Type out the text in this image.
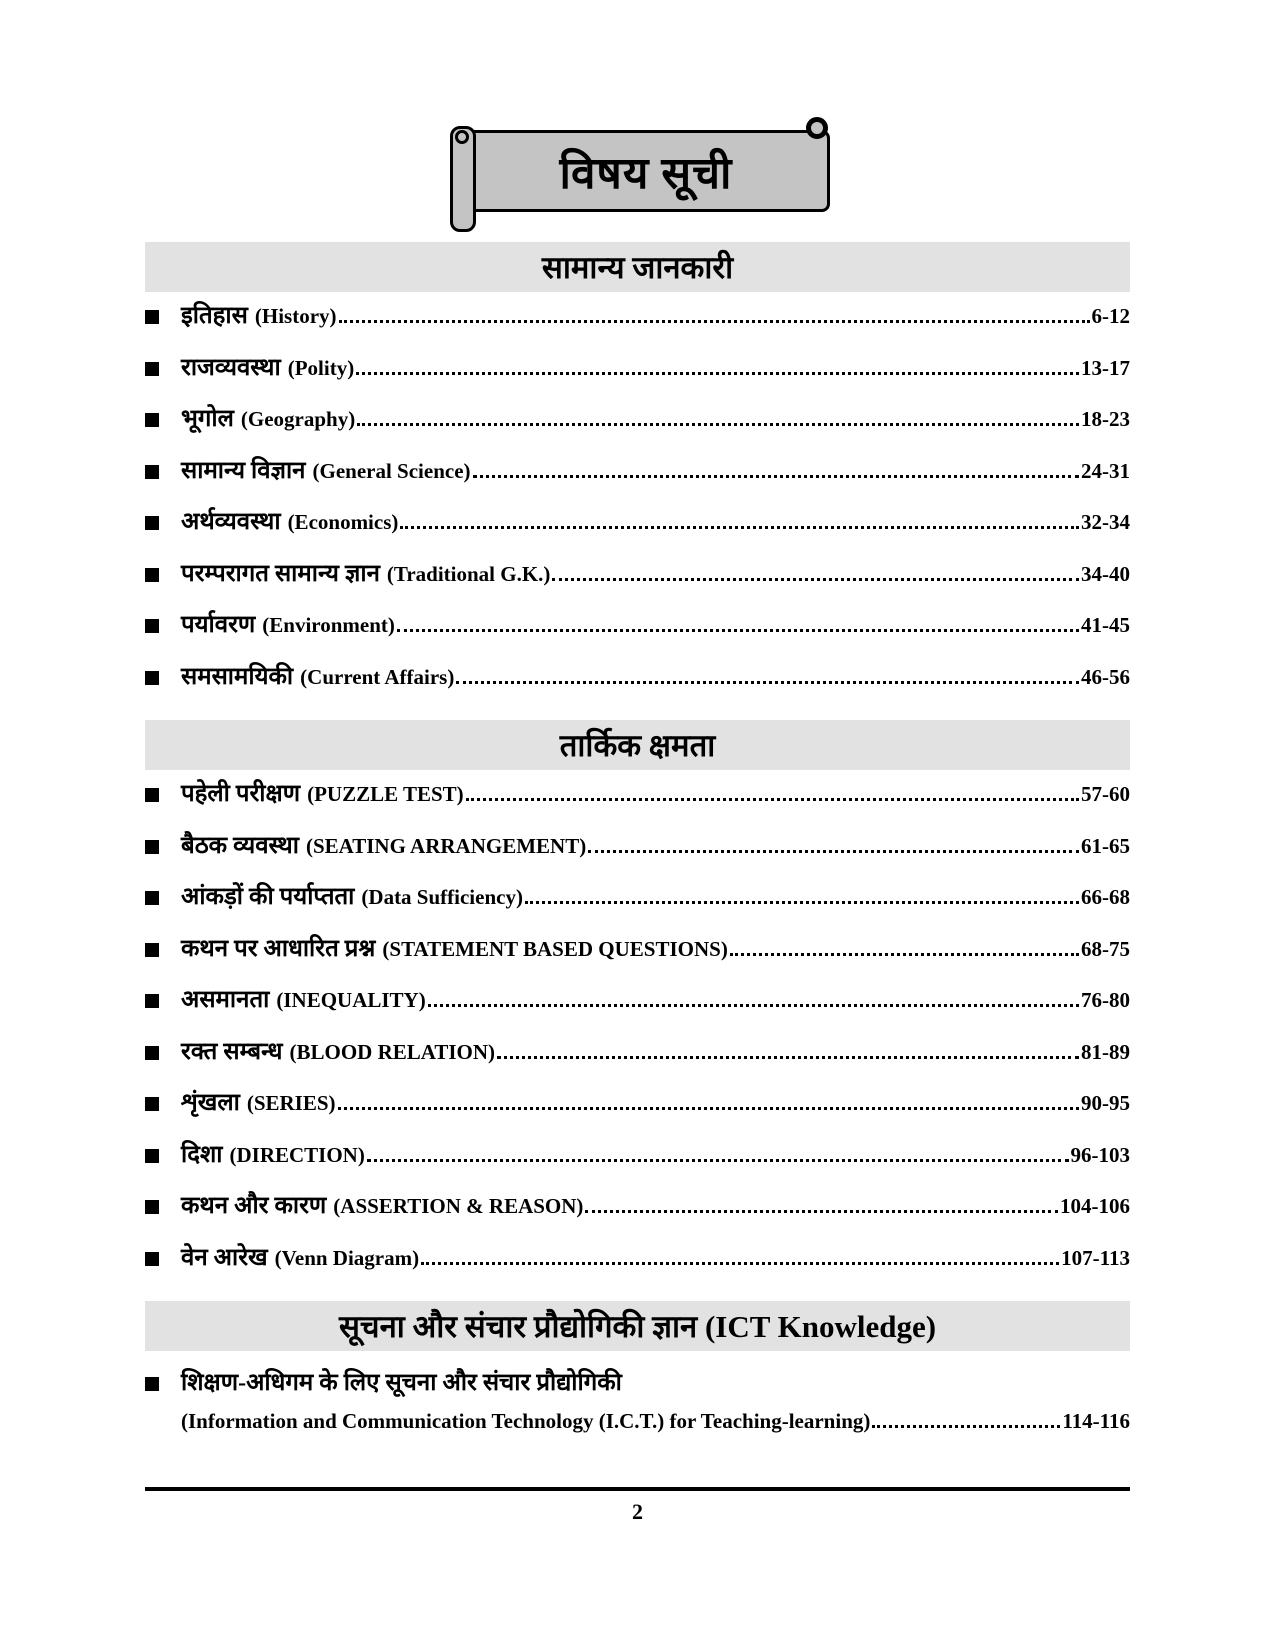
विषय सूची
सामान्य जानकारी
इतिहास (History)	6-12
राजव्यवस्था (Polity)	13-17
भूगोल (Geography)	18-23
सामान्य विज्ञान (General Science)	24-31
अर्थव्यवस्था (Economics)	32-34
परम्परागत सामान्य ज्ञान (Traditional G.K.)	34-40
पर्यावरण (Environment)	41-45
समसामयिकी (Current Affairs)	46-56
तार्किक क्षमता
पहेली परीक्षण (PUZZLE TEST)	57-60
बैठक व्यवस्था (SEATING ARRANGEMENT)	61-65
आंकड़ों की पर्याप्तता (Data Sufficiency)	66-68
कथन पर आधारित प्रश्न (STATEMENT BASED QUESTIONS)	68-75
असमानता (INEQUALITY)	76-80
रक्त सम्बन्ध (BLOOD RELATION)	81-89
शृंखला (SERIES)	90-95
दिशा (DIRECTION)	96-103
कथन और कारण (ASSERTION & REASON)	104-106
वेन आरेख (Venn Diagram)	107-113
सूचना और संचार प्रौद्योगिकी ज्ञान (ICT Knowledge)
शिक्षण-अधिगम के लिए सूचना और संचार प्रौद्योगिकी
(Information and Communication Technology (I.C.T.) for Teaching-learning)	114-116
2
